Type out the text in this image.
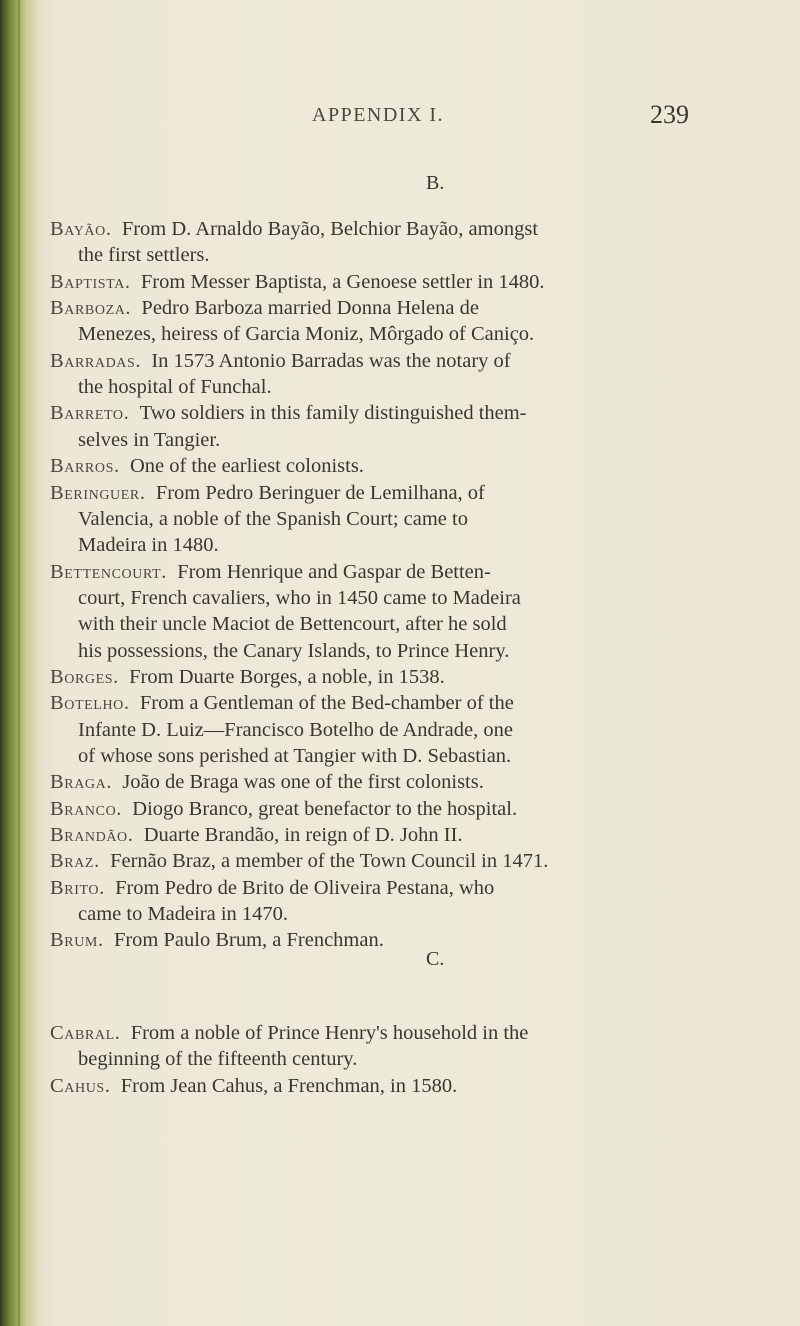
APPENDIX I.	239
B.
C.
Bayão.  From D. Arnaldo Bayão, Belchior Bayão, amongst
the first settlers.
Baptista.  From Messer Baptista, a Genoese settler in 1480.
Barboza.  Pedro Barboza married Donna Helena de
Menezes, heiress of Garcia Moniz, Môrgado of Caniço.
Barradas.  In 1573 Antonio Barradas was the notary of
the hospital of Funchal.
Barreto.  Two soldiers in this family distinguished them-
selves in Tangier.
Barros.  One of the earliest colonists.
Beringuer.  From Pedro Beringuer de Lemilhana, of
Valencia, a noble of the Spanish Court; came to
Madeira in 1480.
Bettencourt.  From Henrique and Gaspar de Betten-
court, French cavaliers, who in 1450 came to Madeira
with their uncle Maciot de Bettencourt, after he sold
his possessions, the Canary Islands, to Prince Henry.
Borges.  From Duarte Borges, a noble, in 1538.
Botelho.  From a Gentleman of the Bed-chamber of the
Infante D. Luiz—Francisco Botelho de Andrade, one
of whose sons perished at Tangier with D. Sebastian.
Braga.  João de Braga was one of the first colonists.
Branco.  Diogo Branco, great benefactor to the hospital.
Brandão.  Duarte Brandão, in reign of D. John II.
Braz.  Fernão Braz, a member of the Town Council in 1471.
Brito.  From Pedro de Brito de Oliveira Pestana, who
came to Madeira in 1470.
Brum.  From Paulo Brum, a Frenchman.
Cabral.  From a noble of Prince Henry's household in the
beginning of the fifteenth century.
Cahus.  From Jean Cahus, a Frenchman, in 1580.
